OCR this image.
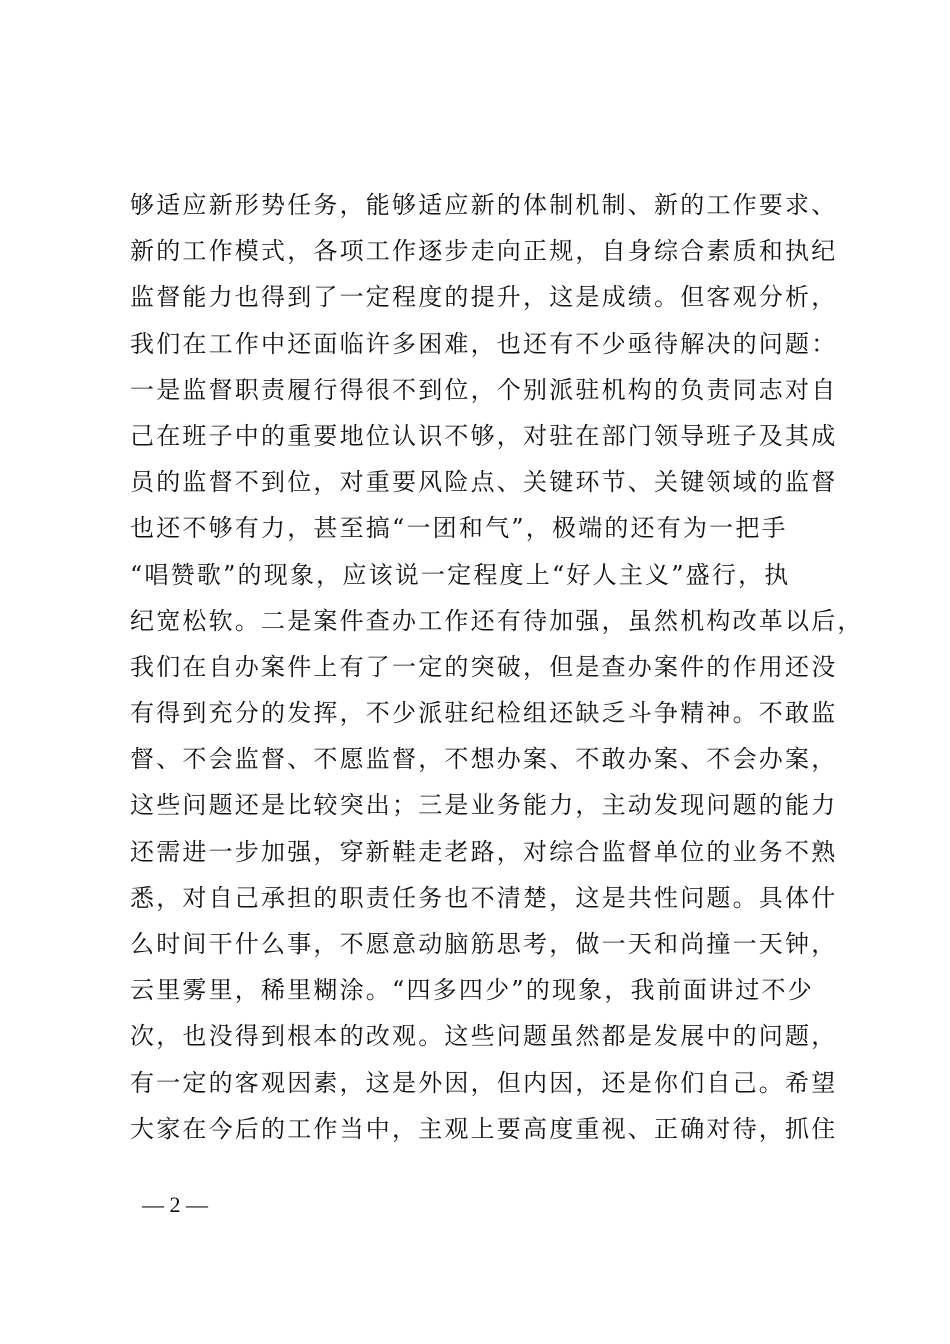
够适应新形势任务，能够适应新的体制机制、新的工作要求、
新的工作模式，各项工作逐步走向正规，自身综合素质和执纪
监督能力也得到了一定程度的提升，这是成绩。但客观分析，
我们在工作中还面临许多困难，也还有不少亟待解决的问题：
一是监督职责履行得很不到位，个别派驻机构的负责同志对自
己在班子中的重要地位认识不够，对驻在部门领导班子及其成
员的监督不到位，对重要风险点、关键环节、关键领域的监督
也还不够有力，甚至搞“一团和气”，极端的还有为一把手
“唱赞歌”的现象，应该说一定程度上“好人主义”盛行，执
纪宽松软。二是案件查办工作还有待加强，虽然机构改革以后，
我们在自办案件上有了一定的突破，但是查办案件的作用还没
有得到充分的发挥，不少派驻纪检组还缺乏斗争精神。不敢监
督、不会监督、不愿监督，不想办案、不敢办案、不会办案，
这些问题还是比较突出；三是业务能力，主动发现问题的能力
还需进一步加强，穿新鞋走老路，对综合监督单位的业务不熟
悉，对自己承担的职责任务也不清楚，这是共性问题。具体什
么时间干什么事，不愿意动脑筋思考，做一天和尚撞一天钟，
云里雾里，稀里糊涂。“四多四少”的现象，我前面讲过不少
次，也没得到根本的改观。这些问题虽然都是发展中的问题，
有一定的客观因素，这是外因，但内因，还是你们自己。希望
大家在今后的工作当中，主观上要高度重视、正确对待，抓住
— 2 —
